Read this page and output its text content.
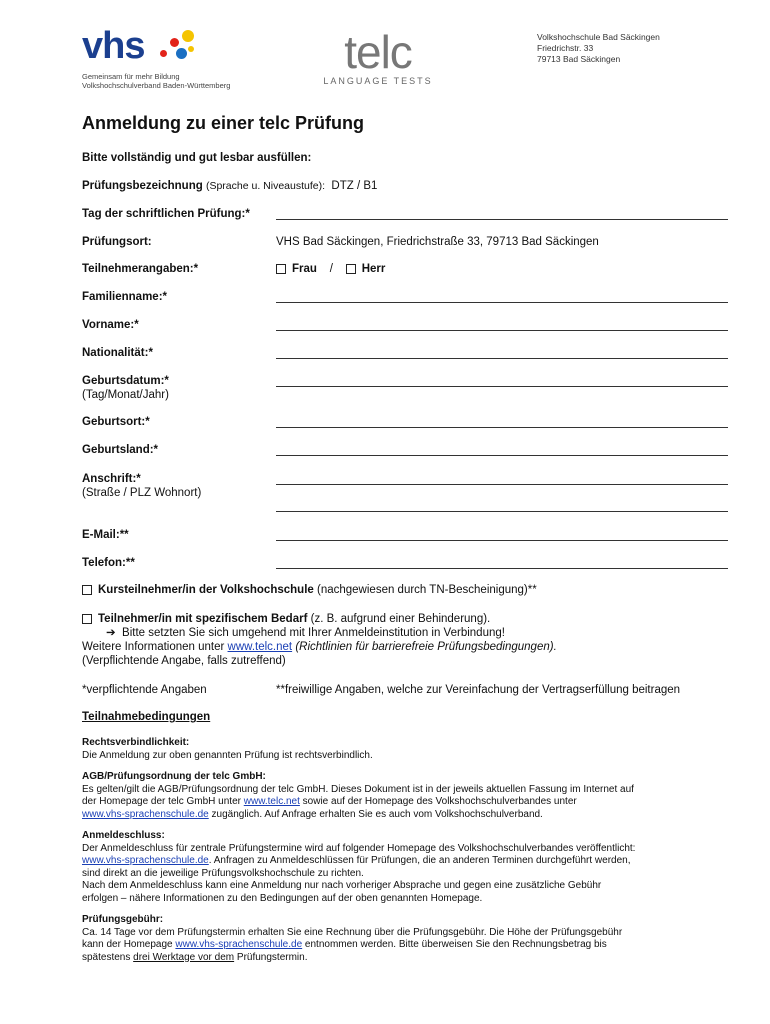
vhs
Gemeinsam für mehr Bildung
Volkshochschulverband Baden-Württemberg
telc
LANGUAGE TESTS
Volkshochschule Bad Säckingen
Friedrichstr. 33
79713 Bad Säckingen
Anmeldung zu einer telc Prüfung
Bitte vollständig und gut lesbar ausfüllen:
Prüfungsbezeichnung (Sprache u. Niveaustufe): DTZ / B1
Tag der schriftlichen Prüfung:*
Prüfungsort:	VHS Bad Säckingen, Friedrichstraße 33, 79713 Bad Säckingen
Teilnehmerangaben:*	Frau /	Herr
Familienname:*
Vorname:*
Nationalität:*
Geburtsdatum:*
(Tag/Monat/Jahr)
Geburtsort:*
Geburtsland:*
Anschrift:*
(Straße / PLZ Wohnort)
E-Mail:**
Telefon:**
Kursteilnehmer/in der Volkshochschule (nachgewiesen durch TN-Bescheinigung)**
Teilnehmer/in mit spezifischem Bedarf (z. B. aufgrund einer Behinderung).
➔ Bitte setzten Sie sich umgehend mit Ihrer Anmeldeinstitution in Verbindung!
Weitere Informationen unter www.telc.net (Richtlinien für barrierefreie Prüfungsbedingungen).
(Verpflichtende Angabe, falls zutreffend)
*verpflichtende Angaben	**freiwillige Angaben, welche zur Vereinfachung der Vertragserfüllung beitragen
Teilnahmebedingungen
Rechtsverbindlichkeit:
Die Anmeldung zur oben genannten Prüfung ist rechtsverbindlich.
AGB/Prüfungsordnung der telc GmbH:
Es gelten/gilt die AGB/Prüfungsordnung der telc GmbH. Dieses Dokument ist in der jeweils aktuellen Fassung im Internet auf
der Homepage der telc GmbH unter www.telc.net sowie auf der Homepage des Volkshochschulverbandes unter
www.vhs-sprachenschule.de zugänglich. Auf Anfrage erhalten Sie es auch vom Volkshochschulverband.
Anmeldeschluss:
Der Anmeldeschluss für zentrale Prüfungstermine wird auf folgender Homepage des Volkshochschulverbandes veröffentlicht:
www.vhs-sprachenschule.de. Anfragen zu Anmeldeschlüssen für Prüfungen, die an anderen Terminen durchgeführt werden,
sind direkt an die jeweilige Prüfungsvolkshochschule zu richten.
Nach dem Anmeldeschluss kann eine Anmeldung nur nach vorheriger Absprache und gegen eine zusätzliche Gebühr
erfolgen – nähere Informationen zu den Bedingungen auf der oben genannten Homepage.
Prüfungsgebühr:
Ca. 14 Tage vor dem Prüfungstermin erhalten Sie eine Rechnung über die Prüfungsgebühr. Die Höhe der Prüfungsgebühr
kann der Homepage www.vhs-sprachenschule.de entnommen werden. Bitte überweisen Sie den Rechnungsbetrag bis
spätestens drei Werktage vor dem Prüfungstermin.
